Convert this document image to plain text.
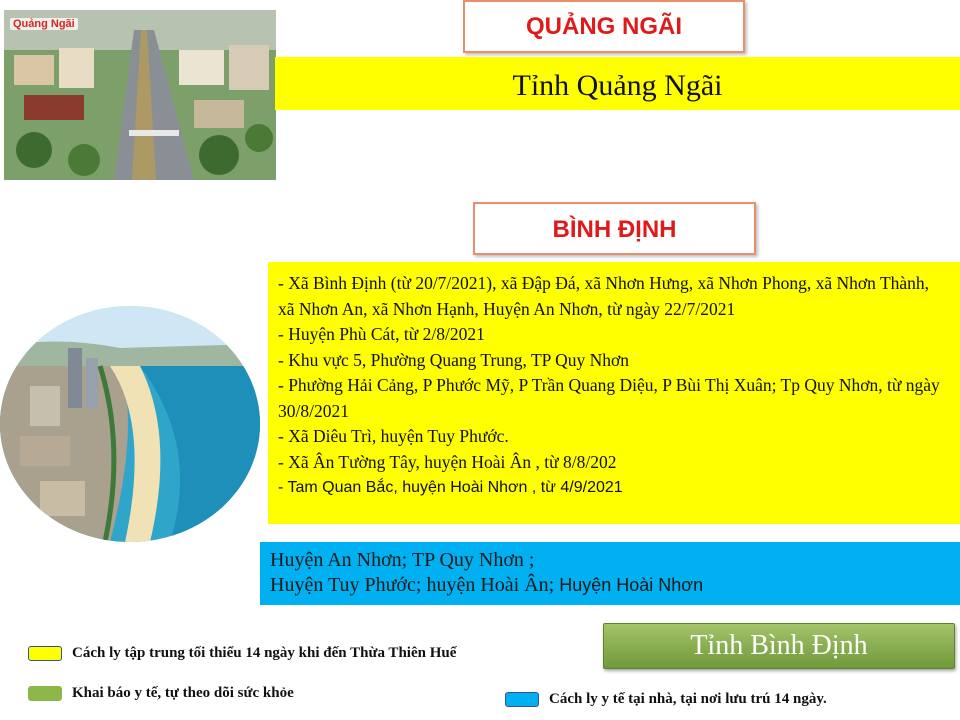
Quảng Ngãi	QUẢNG NGÃI
Tỉnh Quảng Ngãi
BÌNH ĐỊNH
- Xã Bình Định (từ 20/7/2021), xã Đập Đá, xã Nhơn Hưng, xã Nhơn Phong, xã Nhơn Thành, xã Nhơn An, xã Nhơn Hạnh, Huyện An Nhơn, từ ngày 22/7/2021
- Huyện Phù Cát, từ 2/8/2021
- Khu vực 5, Phường Quang Trung, TP Quy Nhơn
- Phường Hải Cảng, P Phước Mỹ, P Trần Quang Diệu, P Bùi Thị Xuân; Tp Quy Nhơn, từ ngày 30/8/2021
- Xã Diêu Trì, huyện Tuy Phước.
- Xã Ân Tường Tây, huyện Hoài Ân , từ 8/8/202
- Tam Quan Bắc, huyện Hoài Nhơn , từ 4/9/2021
Huyện An Nhơn; TP Quy Nhơn ;
Huyện Tuy Phước; huyện Hoài Ân; Huyện Hoài Nhơn
Tỉnh Bình Định
Cách ly tập trung tối thiểu 14 ngày khi đến Thừa Thiên Huế
Khai báo y tế, tự theo dõi sức khỏe	Cách ly y tế tại nhà, tại nơi lưu trú 14 ngày.
